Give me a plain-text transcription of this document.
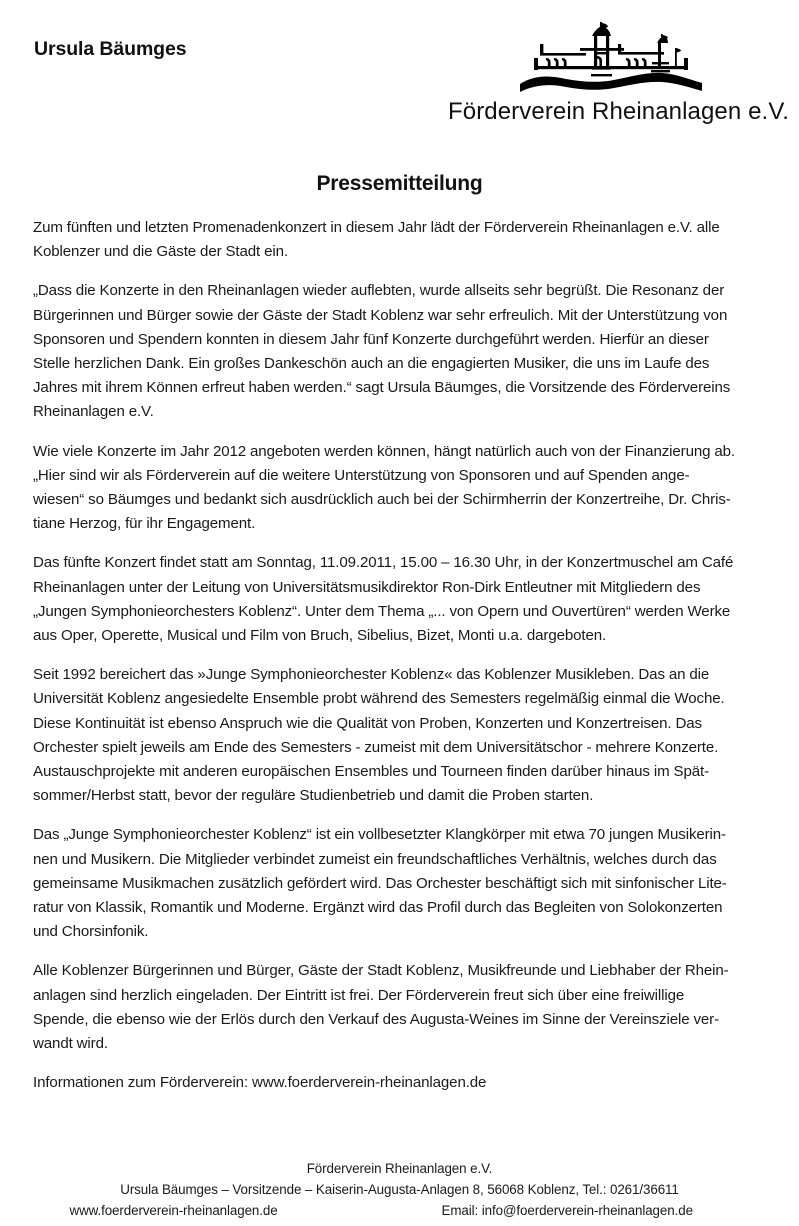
Ursula Bäumges
Förderverein Rheinanlagen e.V.
Pressemitteilung

Zum fünften und letzten Promenadenkonzert in diesem Jahr lädt der Förderverein Rheinanlagen e.V. alle Koblenzer und die Gäste der Stadt ein.

„Dass die Konzerte in den Rheinanlagen wieder auflebten, wurde allseits sehr begrüßt. Die Resonanz der Bürgerinnen und Bürger sowie der Gäste der Stadt Koblenz war sehr erfreulich. Mit der Unterstützung von Sponsoren und Spendern konnten in diesem Jahr fünf Konzerte durchgeführt werden. Hierfür an dieser Stelle herzlichen Dank. Ein großes Dankeschön auch an die engagierten Musiker, die uns im Laufe des Jahres mit ihrem Können erfreut haben werden.“ sagt Ursula Bäumges, die Vorsitzende des Fördervereins Rheinanlagen e.V.

Wie viele Konzerte im Jahr 2012 angeboten werden können, hängt natürlich auch von der Finanzierung ab. „Hier sind wir als Förderverein auf die weitere Unterstützung von Sponsoren und auf Spenden ange-wiesen“ so Bäumges und bedankt sich ausdrücklich auch bei der Schirmherrin der Konzertreihe, Dr. Chris-tiane Herzog, für ihr Engagement.

Das fünfte Konzert findet statt am Sonntag, 11.09.2011, 15.00 – 16.30 Uhr, in der Konzertmuschel am Café Rheinanlagen unter der Leitung von Universitätsmusikdirektor Ron-Dirk Entleutner mit Mitgliedern des „Jungen Symphonieorchesters Koblenz“. Unter dem Thema „... von Opern und Ouvertüren“ werden Werke aus Oper, Operette, Musical und Film von Bruch, Sibelius, Bizet, Monti u.a. dargeboten.

Seit 1992 bereichert das »Junge Symphonieorchester Koblenz« das Koblenzer Musikleben. Das an die Universität Koblenz angesiedelte Ensemble probt während des Semesters regelmäßig einmal die Woche. Diese Kontinuität ist ebenso Anspruch wie die Qualität von Proben, Konzerten und Konzertreisen. Das Orchester spielt jeweils am Ende des Semesters - zumeist mit dem Universitätschor - mehrere Konzerte. Austauschprojekte mit anderen europäischen Ensembles und Tourneen finden darüber hinaus im Spät-sommer/Herbst statt, bevor der reguläre Studienbetrieb und damit die Proben starten.

Das „Junge Symphonieorchester Koblenz“ ist ein vollbesetzter Klangkörper mit etwa 70 jungen Musikerin-nen und Musikern. Die Mitglieder verbindet zumeist ein freundschaftliches Verhältnis, welches durch das gemeinsame Musikmachen zusätzlich gefördert wird. Das Orchester beschäftigt sich mit sinfonischer Lite-ratur von Klassik, Romantik und Moderne. Ergänzt wird das Profil durch das Begleiten von Solokonzerten und Chorsinfonik.

Alle Koblenzer Bürgerinnen und Bürger, Gäste der Stadt Koblenz, Musikfreunde und Liebhaber der Rhein-anlagen sind herzlich eingeladen. Der Eintritt ist frei. Der Förderverein freut sich über eine freiwillige Spende, die ebenso wie der Erlös durch den Verkauf des Augusta-Weines im Sinne der Vereinsziele ver-wandt wird.

Informationen zum Förderverein: www.foerderverein-rheinanlagen.de

Förderverein Rheinanlagen e.V.
Ursula Bäumges – Vorsitzende – Kaiserin-Augusta-Anlagen 8, 56068 Koblenz, Tel.: 0261/36611
www.foerderverein-rheinanlagen.de	Email: info@foerderverein-rheinanlagen.de
